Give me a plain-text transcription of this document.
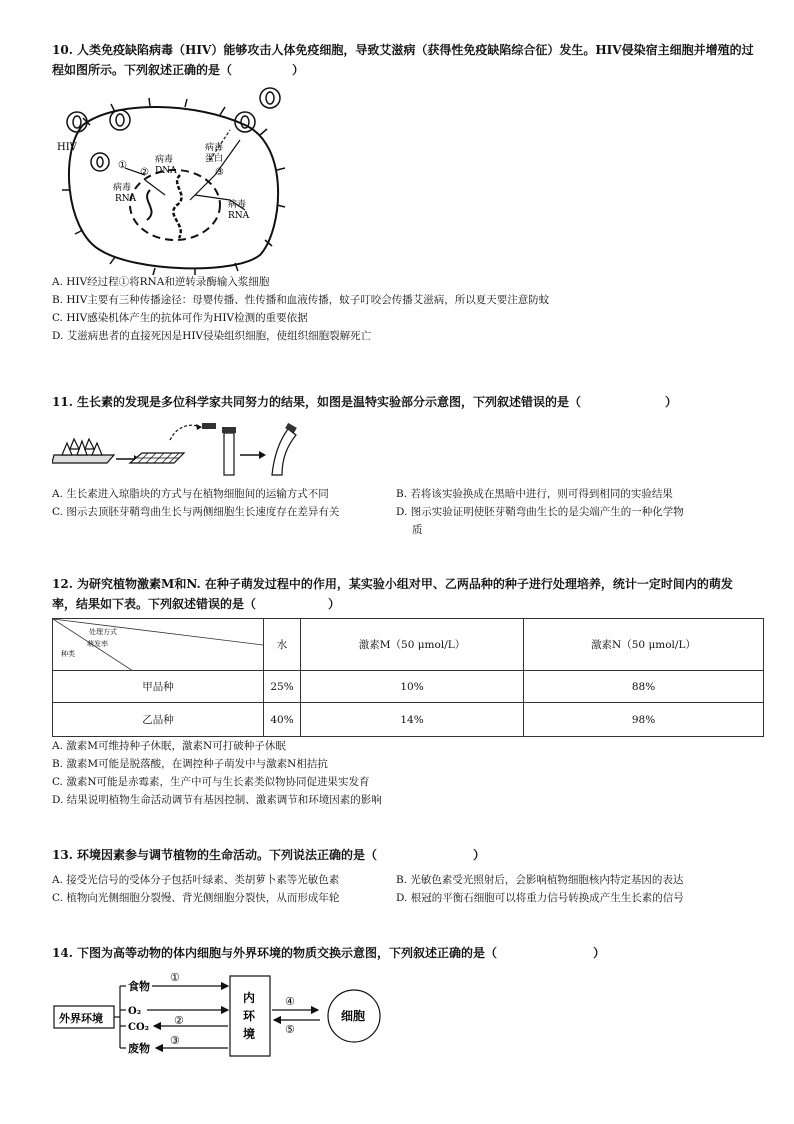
10. 人类免疫缺陷病毒（HIV）能够攻击人体免疫细胞，导致艾滋病（获得性免疫缺陷综合征）发生。HIV侵染宿主细胞并增殖的过
程如图所示。下列叙述正确的是（　　　　　）
HIV
①
②	③
病毒
RNA
病毒
DNA
病毒
蛋白
病毒
RNA
A. HIV经过程①将RNA和逆转录酶输入浆细胞
B. HIV主要有三种传播途径：母婴传播、性传播和血液传播，蚊子叮咬会传播艾滋病，所以夏天要注意防蚊
C. HIV感染机体产生的抗体可作为HIV检测的重要依据
D. 艾滋病患者的直接死因是HIV侵染组织细胞，使组织细胞裂解死亡
11. 生长素的发现是多位科学家共同努力的结果，如图是温特实验部分示意图，下列叙述错误的是（　　　　　　　）
A. 生长素进入琼脂块的方式与在植物细胞间的运输方式不同	B. 若将该实验换成在黑暗中进行，则可得到相同的实验结果
C. 图示去顶胚芽鞘弯曲生长与两侧细胞生长速度存在差异有关	D. 图示实验证明使胚芽鞘弯曲生长的是尖端产生的一种化学物
质
12. 为研究植物激素M和N. 在种子萌发过程中的作用，某实验小组对甲、乙两品种的种子进行处理培养，统计一定时间内的萌发
率，结果如下表。下列叙述错误的是（　　　　　　）
处理方式
萌发率
种类	水	激素M（50 μmol/L）	激素N（50 μmol/L）
甲品种	25%	10%	88%
乙品种	40%	14%	98%
A. 激素M可维持种子休眠，激素N可打破种子休眠
B. 激素M可能是脱落酸，在调控种子萌发中与激素N相拮抗
C. 激素N可能是赤霉素，生产中可与生长素类似物协同促进果实发育
D. 结果说明植物生命活动调节有基因控制、激素调节和环境因素的影响
13. 环境因素参与调节植物的生命活动。下列说法正确的是（　　　　　　　　）
A. 接受光信号的受体分子包括叶绿素、类胡萝卜素等光敏色素	B. 光敏色素受光照射后，会影响植物细胞核内特定基因的表达
C. 植物向光侧细胞分裂慢、背光侧细胞分裂快，从而形成年轮	D. 根冠的平衡石细胞可以将重力信号转换成产生生长素的信号
14. 下图为高等动物的体内细胞与外界环境的物质交换示意图，下列叙述正确的是（　　　　　　　　）
外界环境
食物
①
O₂
CO₂
②
废物
③
内
环
境
④
⑤
细胞
